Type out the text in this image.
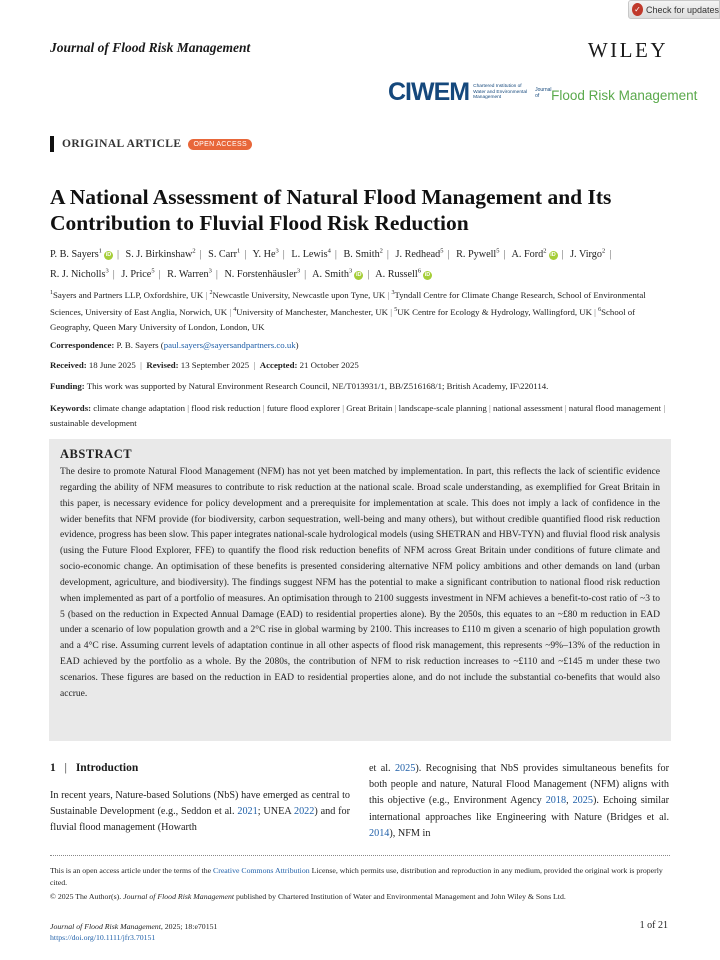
✓ Check for updates
Journal of Flood Risk Management	WILEY
CIWEM Chartered Institution of Water and Environmental Management
Journal of Flood Risk Management
ORIGINAL ARTICLE	OPEN ACCESS
A National Assessment of Natural Flood Management and Its Contribution to Fluvial Flood Risk Reduction
P. B. Sayers$^1$iD | S. J. Birkinshaw$^2$ | S. Carr$^1$ | Y. He$^3$ | L. Lewis$^4$ | B. Smith$^2$ | J. Redhead$^5$ | R. Pywell$^5$ | A. Ford$^2$iD | J. Virgo$^2$ | R. J. Nicholls$^3$ | J. Price$^5$ | R. Warren$^3$ | N. Forstenhäusler$^3$ | A. Smith$^3$iD | A. Russell$^6$iD
$^1$Sayers and Partners LLP, Oxfordshire, UK | $^2$Newcastle University, Newcastle upon Tyne, UK | $^3$Tyndall Centre for Climate Change Research, School of Environmental Sciences, University of East Anglia, Norwich, UK | $^4$University of Manchester, Manchester, UK | $^5$UK Centre for Ecology & Hydrology, Wallingford, UK | $^6$School of Geography, Queen Mary University of London, London, UK
Correspondence: P. B. Sayers (paul.sayers@sayersandpartners.co.uk)
Received: 18 June 2025  |  Revised: 13 September 2025  |  Accepted: 21 October 2025
Funding: This work was supported by Natural Environment Research Council, NE/T013931/1, BB/Z516168/1; British Academy, IF\220114.
Keywords: climate change adaptation | flood risk reduction | future flood explorer | Great Britain | landscape-scale planning | national assessment | natural flood management | sustainable development
ABSTRACT

The desire to promote Natural Flood Management (NFM) has not yet been matched by implementation. In part, this reflects the lack of scientific evidence regarding the ability of NFM measures to contribute to risk reduction at the national scale. Broad scale understanding, as exemplified for Great Britain in this paper, is necessary evidence for policy development and a prerequisite for implementation at scale. This does not imply a lack of confidence in the wider benefits that NFM provide (for biodiversity, carbon sequestration, well-being and many others), but without credible quantified flood risk reduction evidence, progress has been slow. This paper integrates national-scale hydrological models (using SHETRAN and HBV-TYN) and fluvial flood risk analysis (using the Future Flood Explorer, FFE) to quantify the flood risk reduction benefits of NFM across Great Britain under conditions of future climate and socio-economic change. An optimisation of these benefits is presented considering alternative NFM policy ambitions and other demands on land (urban development, agriculture, and biodiversity). The findings suggest NFM has the potential to make a significant contribution to national flood risk reduction when implemented as part of a portfolio of measures. An optimisation through to 2100 suggests investment in NFM achieves a benefit-to-cost ratio of ~3 to 5 (based on the reduction in Expected Annual Damage (EAD) to residential properties alone). By the 2050s, this equates to an ~£80 m reduction in EAD under a scenario of low population growth and a 2°C rise in global warming by 2100. This increases to £110 m given a scenario of high population growth and a 4°C rise. Assuming current levels of adaptation continue in all other aspects of flood risk management, this represents ~9%–13% of the reduction in EAD achieved by the portfolio as a whole. By the 2080s, the contribution of NFM to risk reduction increases to ~£110 and ~£145 m under these two scenarios. These figures are based on the reduction in EAD to residential properties alone, and do not include the substantial co-benefits that would also accrue.

1 | Introduction
In recent years, Nature-based Solutions (NbS) have emerged as central to Sustainable Development (e.g., Seddon et al. 2021; UNEA 2022) and for fluvial flood management (Howarth
et al. 2025). Recognising that NbS provides simultaneous benefits for both people and nature, Natural Flood Management (NFM) aligns with this objective (e.g., Environment Agency 2018, 2025). Echoing similar international approaches like Engineering with Nature (Bridges et al. 2014), NFM in
This is an open access article under the terms of the Creative Commons Attribution License, which permits use, distribution and reproduction in any medium, provided the original work is properly cited.
© 2025 The Author(s). Journal of Flood Risk Management published by Chartered Institution of Water and Environmental Management and John Wiley & Sons Ltd.
Journal of Flood Risk Management, 2025; 18:e70151
https://doi.org/10.1111/jfr3.70151
1 of 21
